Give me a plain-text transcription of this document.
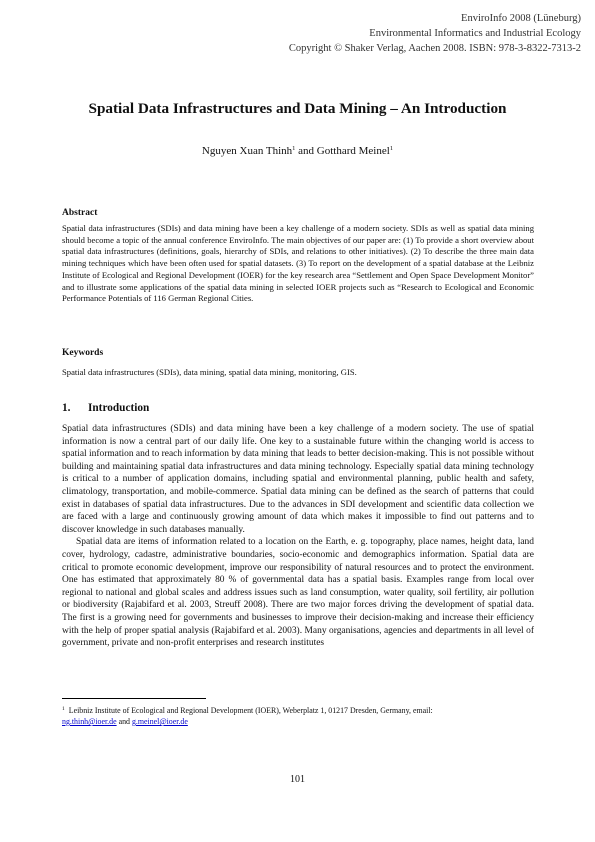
EnviroInfo 2008 (Lüneburg)
Environmental Informatics and Industrial Ecology
Copyright © Shaker Verlag, Aachen 2008. ISBN: 978-3-8322-7313-2
Spatial Data Infrastructures and Data Mining – An Introduction
Nguyen Xuan Thinh$^1$ and Gotthard Meinel$^1$
Abstract
Spatial data infrastructures (SDIs) and data mining have been a key challenge of a modern society. SDIs as well as spatial data mining should become a topic of the annual conference EnviroInfo. The main objectives of our paper are: (1) To provide a short overview about spatial data infrastructures (definitions, goals, hierarchy of SDIs, and relations to other initiatives). (2) To describe the three main data mining techniques which have been often used for spatial datasets. (3) To report on the development of a spatial database at the Leibniz Institute of Ecological and Regional Development (IOER) for the key research area “Settlement and Open Space Development Monitor” and to illustrate some applications of the spatial data mining in selected IOER projects such as “Research to Ecological and Economic Performance Potentials of 116 German Regional Cities.
Keywords
Spatial data infrastructures (SDIs), data mining, spatial data mining, monitoring, GIS.
1. Introduction

Spatial data infrastructures (SDIs) and data mining have been a key challenge of a modern society. The use of spatial information is now a central part of our daily life. One key to a sustainable future within the changing world is access to spatial information and to reach information by data mining that leads to better decision-making. This is not possible without building and maintaining spatial data infrastructures and data mining technology. Especially spatial data mining technology is critical to a number of application domains, including spatial and environmental planning, public health and safety, climatology, transportation, and mobile-commerce. Spatial data mining can be defined as the search of patterns that could exist in databases of spatial data infrastructures. Due to the advances in SDI development and scientific data collection we are faced with a large and continuously growing amount of data which makes it impossible to find out patterns and to discover knowledge in such databases manually.

Spatial data are items of information related to a location on the Earth, e. g. topography, place names, height data, land cover, hydrology, cadastre, administrative boundaries, socio-economic and demographics information. Spatial data are critical to promote economic development, improve our responsibility of natural resources and to protect the environment. One has estimated that approximately 80 % of governmental data has a spatial basis. Examples range from local over regional to national and global scales and address issues such as land consumption, water quality, soil fertility, air pollution or biodiversity (Rajabifard et al. 2003, Streuff 2008). There are two major forces driving the development of spatial data. The first is a growing need for governments and businesses to improve their decision-making and increase their efficiency with the help of proper spatial analysis (Rajabifard et al. 2003). Many organisations, agencies and departments in all level of government, private and non-profit enterprises and research institutes

$^1$ Leibniz Institute of Ecological and Regional Development (IOER), Weberplatz 1, 01217 Dresden, Germany, email:
ng.thinh@ioer.de and g.meinel@ioer.de
101
